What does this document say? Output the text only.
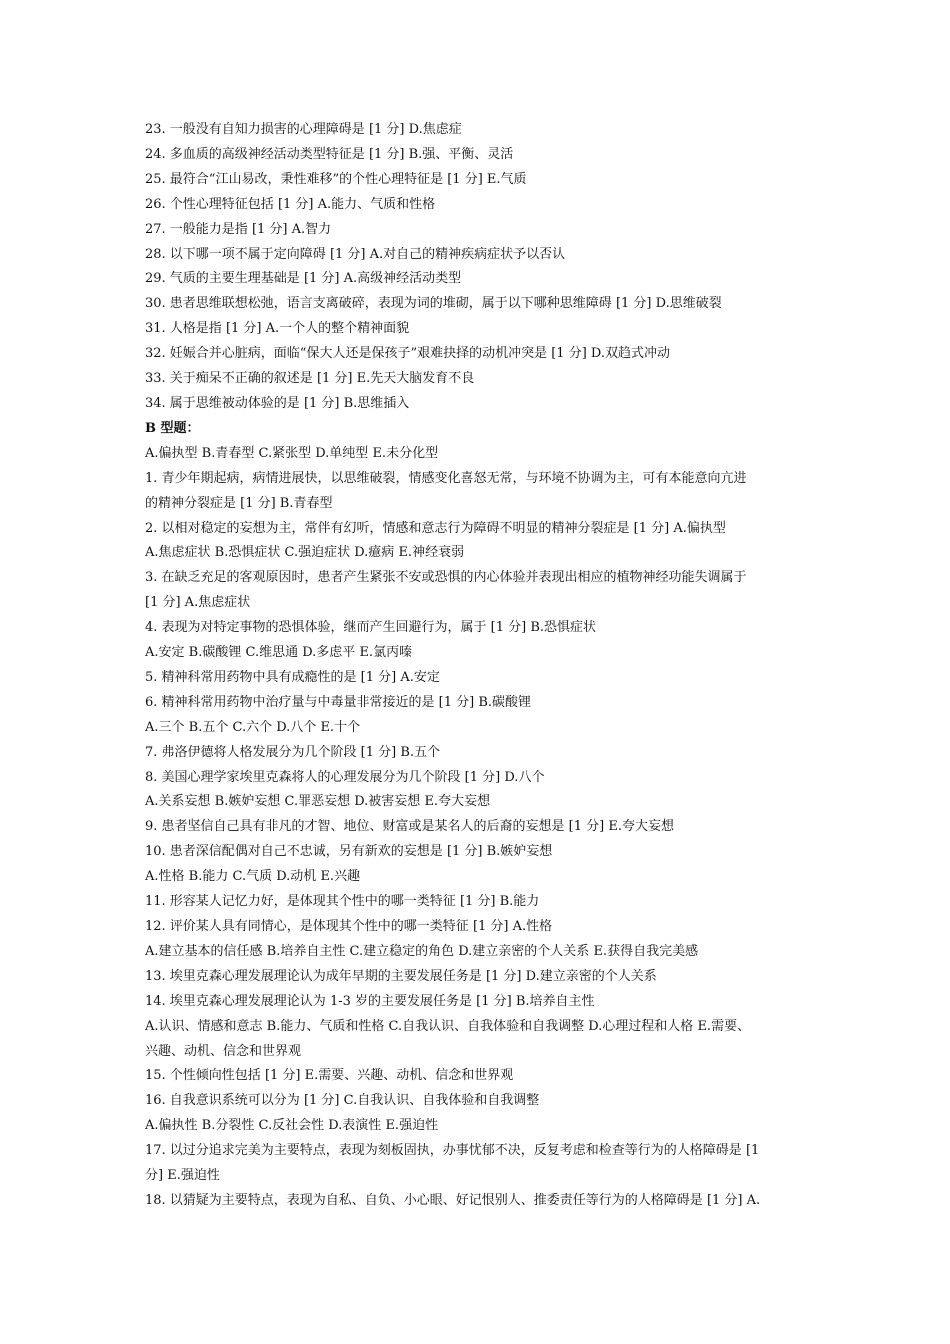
23. 一般没有自知力损害的心理障碍是 [1 分] D.焦虑症
24. 多血质的高级神经活动类型特征是 [1 分] B.强、平衡、灵活
25. 最符合“江山易改，秉性难移”的个性心理特征是 [1 分] E.气质
26. 个性心理特征包括 [1 分] A.能力、气质和性格
27. 一般能力是指 [1 分] A.智力
28. 以下哪一项不属于定向障碍 [1 分] A.对自己的精神疾病症状予以否认
29. 气质的主要生理基础是 [1 分] A.高级神经活动类型
30. 患者思维联想松弛，语言支离破碎，表现为词的堆砌，属于以下哪种思维障碍 [1 分] D.思维破裂
31. 人格是指 [1 分] A.一个人的整个精神面貌
32. 妊娠合并心脏病，面临“保大人还是保孩子”艰难抉择的动机冲突是 [1 分] D.双趋式冲动
33. 关于痴呆不正确的叙述是 [1 分] E.先天大脑发育不良
34. 属于思维被动体验的是 [1 分] B.思维插入
B 型题：
A.偏执型 B.青春型 C.紧张型 D.单纯型 E.未分化型
1. 青少年期起病，病情进展快，以思维破裂，情感变化喜怒无常，与环境不协调为主，可有本能意向亢进
的精神分裂症是 [1 分] B.青春型
2. 以相对稳定的妄想为主，常伴有幻听，情感和意志行为障碍不明显的精神分裂症是 [1 分] A.偏执型
A.焦虑症状 B.恐惧症状 C.强迫症状 D.癔病 E.神经衰弱
3. 在缺乏充足的客观原因时，患者产生紧张不安或恐惧的内心体验并表现出相应的植物神经功能失调属于
[1 分] A.焦虑症状
4. 表现为对特定事物的恐惧体验，继而产生回避行为，属于 [1 分] B.恐惧症状
A.安定 B.碳酸锂 C.维思通 D.多虑平 E.氯丙嗪
5. 精神科常用药物中具有成瘾性的是 [1 分] A.安定
6. 精神科常用药物中治疗量与中毒量非常接近的是 [1 分] B.碳酸锂
A.三个 B.五个 C.六个 D.八个 E.十个
7. 弗洛伊德将人格发展分为几个阶段 [1 分] B.五个
8. 美国心理学家埃里克森将人的心理发展分为几个阶段 [1 分] D.八个
A.关系妄想 B.嫉妒妄想 C.罪恶妄想 D.被害妄想 E.夸大妄想
9. 患者坚信自己具有非凡的才智、地位、财富或是某名人的后裔的妄想是 [1 分] E.夸大妄想
10. 患者深信配偶对自己不忠诚，另有新欢的妄想是 [1 分] B.嫉妒妄想
A.性格 B.能力 C.气质 D.动机 E.兴趣
11. 形容某人记忆力好，是体现其个性中的哪一类特征 [1 分] B.能力
12. 评价某人具有同情心，是体现其个性中的哪一类特征 [1 分] A.性格
A.建立基本的信任感 B.培养自主性 C.建立稳定的角色 D.建立亲密的个人关系 E.获得自我完美感
13. 埃里克森心理发展理论认为成年早期的主要发展任务是 [1 分] D.建立亲密的个人关系
14. 埃里克森心理发展理论认为 1-3 岁的主要发展任务是 [1 分] B.培养自主性
A.认识、情感和意志 B.能力、气质和性格 C.自我认识、自我体验和自我调整 D.心理过程和人格 E.需要、
兴趣、动机、信念和世界观
15. 个性倾向性包括 [1 分] E.需要、兴趣、动机、信念和世界观
16. 自我意识系统可以分为 [1 分] C.自我认识、自我体验和自我调整
A.偏执性 B.分裂性 C.反社会性 D.表演性 E.强迫性
17. 以过分追求完美为主要特点，表现为刻板固执，办事忧郁不决，反复考虑和检查等行为的人格障碍是 [1
分] E.强迫性
18. 以猜疑为主要特点，表现为自私、自负、小心眼、好记恨别人、推委责任等行为的人格障碍是 [1 分] A.
